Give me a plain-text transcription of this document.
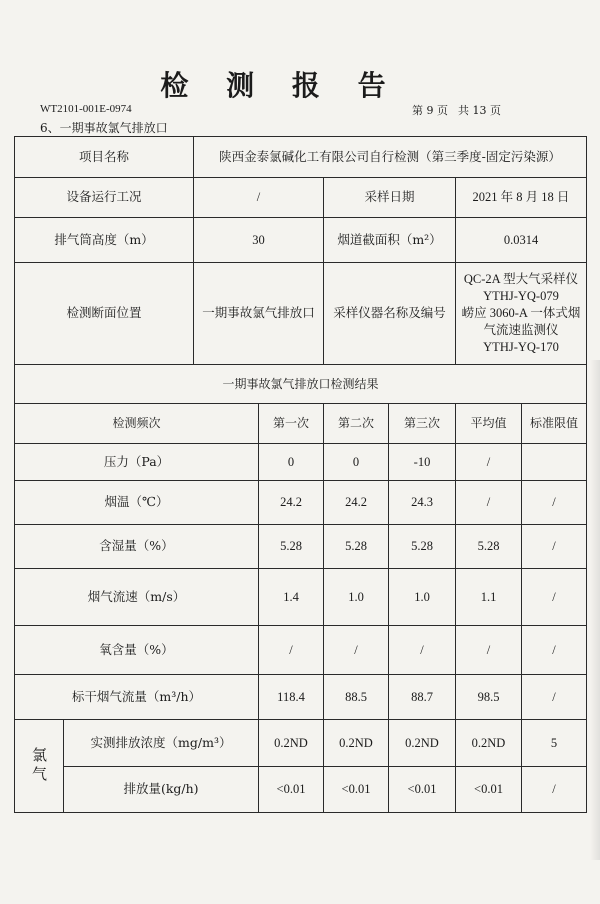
检 测 报 告
WT2101-001E-0974	第 9 页 共 13 页
6、一期事故氯气排放口
项目名称		陕西金泰氯碱化工有限公司自行检测（第三季度-固定污染源）					
设备运行工况		/		采样日期		2021 年 8 月 18 日	
排气筒高度（m）		30		烟道截面积（m²）		0.0314	
检测断面位置		一期事故氯气排放口		采样仪器名称及编号		QC-2A 型大气采样仪
YTHJ-YQ-079
崂应 3060-A 一体式烟气流速监测仪
YTHJ-YQ-170	

一期事故氯气排放口检测结果							
检测频次			第一次	第二次	第三次	平均值	标准限值
压力（Pa）			0	0	-10	/	
烟温（℃）			24.2	24.2	24.3	/	/
含湿量（%）			5.28	5.28	5.28	5.28	/
烟气流速（m/s）			1.4	1.0	1.0	1.1	/
氧含量（%）			/	/	/	/	/
标干烟气流量（m³/h）			118.4	88.5	88.7	98.5	/
氯气	实测排放浓度（mg/m³）		0.2ND	0.2ND	0.2ND	0.2ND	5
	排放量(kg/h)		<0.01	<0.01	<0.01	<0.01	/
